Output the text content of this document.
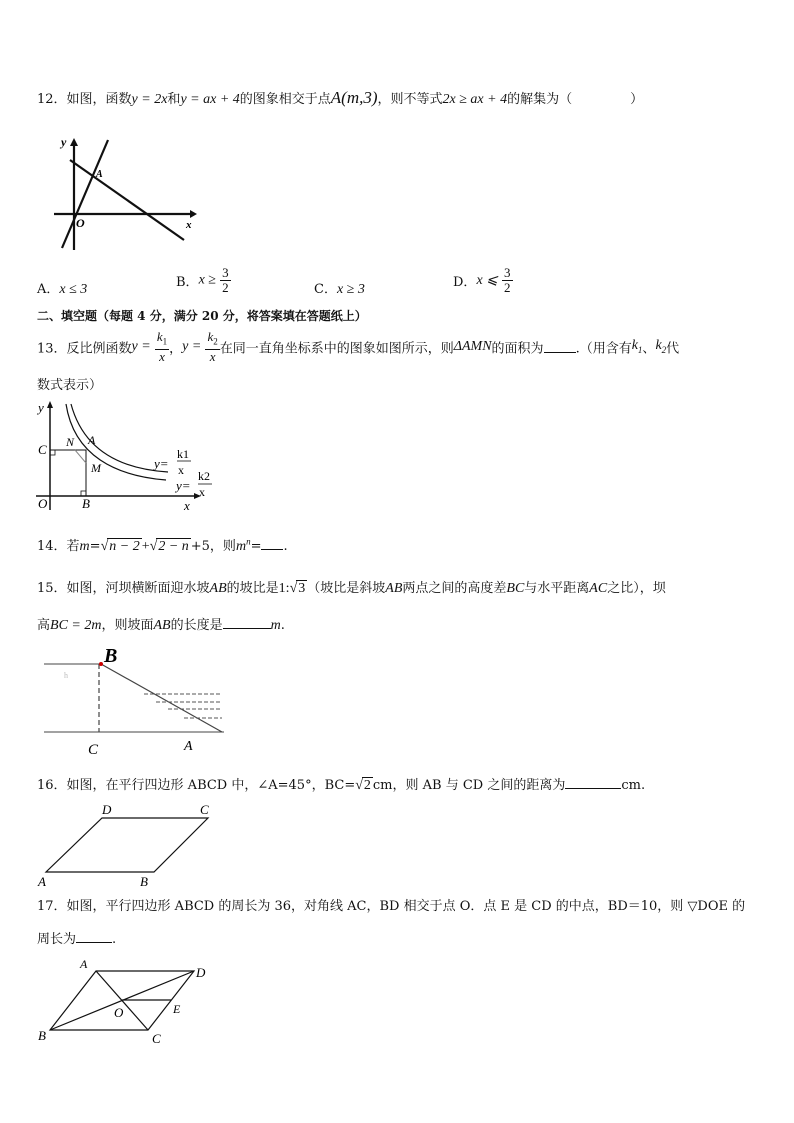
12．如图，函数y = 2x和y = ax + 4的图象相交于点A(m,3)，则不等式2x ≥ ax + 4的解集为（	）
y
x
O
A
A．x ≤ 3	B．$x \ge \frac{3}{2}$	C．x ≥ 3	D．x ⩽ $\frac{3}{2}$
二、填空题（每题 4 分，满分 20 分，将答案填在答题纸上）
13．反比例函数$y = \frac{k_1}{x}$ ，$y = \frac{k_2}{x}$ 在同一直角坐标系中的图象如图所示，则ΔAMN的面积为 .（用含有$k_1$、$k_2$代
数式表示）
y
x
O
C
B
N A
M	y=
k1
x
y=
k2
x
14．若m=√n − 2 +√2 − n +5，则$m^n=$ .
15．如图，河坝横断面迎水坡AB的坡比是1:√3 （坡比是斜坡AB两点之间的高度差BC与水平距离AC之比），坝
高BC = 2m，则坡面AB的长度是	m.
h
B
C	A
16．如图，在平行四边形 ABCD 中，∠A=45°，BC=√2 cm，则 AB 与 CD 之间的距离为	cm.
A	B
C
D
17．如图，平行四边形 ABCD 的周长为 36，对角线 AC，BD 相交于点 O．点 E 是 CD 的中点，BD＝10，则 ▽DOE 的
周长为	.
A
B	C
D
O	E
